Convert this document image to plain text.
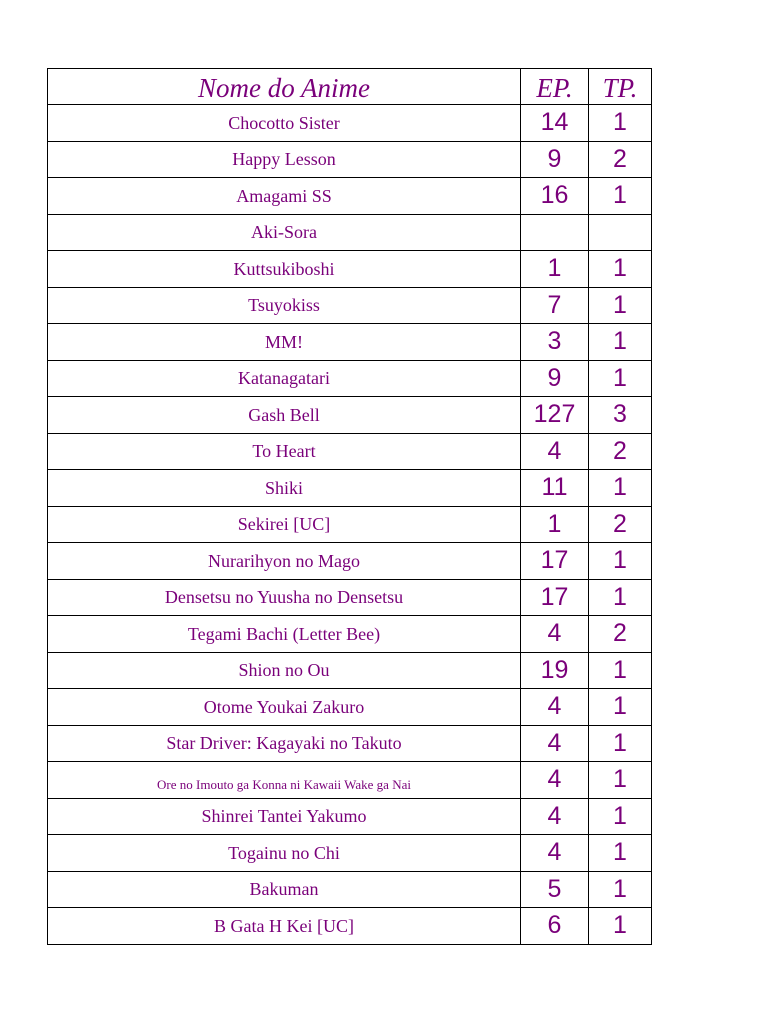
Nome do Anime	EP.	TP.
Chocotto Sister	14	1
Happy Lesson	9	2
Amagami SS	16	1
Aki-Sora		
Kuttsukiboshi	1	1
Tsuyokiss	7	1
MM!	3	1
Katanagatari	9	1
Gash Bell	127	3
To Heart	4	2
Shiki	11	1
Sekirei [UC]	1	2
Nurarihyon no Mago	17	1
Densetsu no Yuusha no Densetsu	17	1
Tegami Bachi (Letter Bee)	4	2
Shion no Ou	19	1
Otome Youkai Zakuro	4	1
Star Driver: Kagayaki no Takuto	4	1
Ore no Imouto ga Konna ni Kawaii Wake ga Nai	4	1
Shinrei Tantei Yakumo	4	1
Togainu no Chi	4	1
Bakuman	5	1
B Gata H Kei [UC]	6	1
